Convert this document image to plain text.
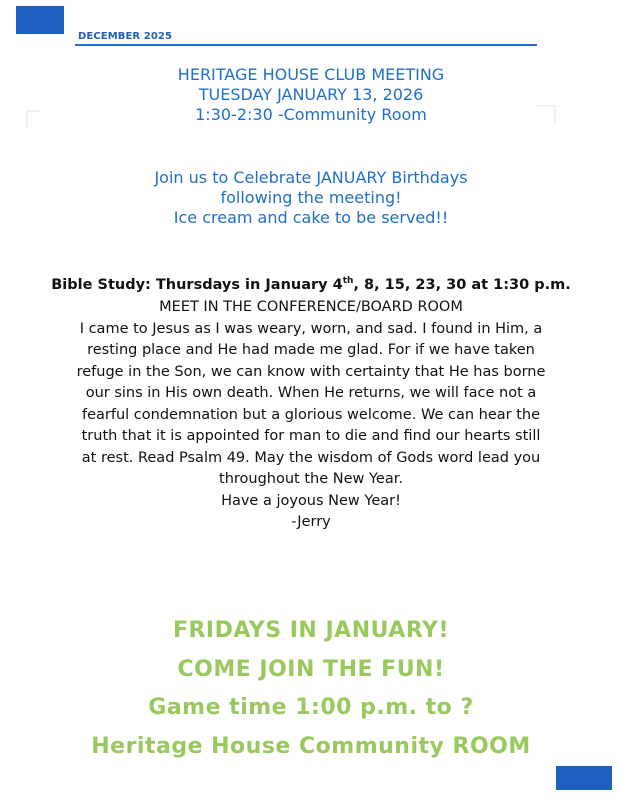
DECEMBER 2025
HERITAGE HOUSE CLUB MEETING
TUESDAY JANUARY 13, 2026
1:30-2:30 -Community Room
Join us to Celebrate JANUARY Birthdays
following the meeting!
Ice cream and cake to be served!!
Bible Study: Thursdays in January 4th, 8, 15, 23, 30 at 1:30 p.m.
MEET IN THE CONFERENCE/BOARD ROOM
I came to Jesus as I was weary, worn, and sad. I found in Him, a
resting place and He had made me glad. For if we have taken
refuge in the Son, we can know with certainty that He has borne
our sins in His own death. When He returns, we will face not a
fearful condemnation but a glorious welcome. We can hear the
truth that it is appointed for man to die and find our hearts still
at rest. Read Psalm 49. May the wisdom of Gods word lead you
throughout the New Year.
Have a joyous New Year!
-Jerry
FRIDAYS IN JANUARY!
COME JOIN THE FUN!
Game time 1:00 p.m. to ?
Heritage House Community ROOM
